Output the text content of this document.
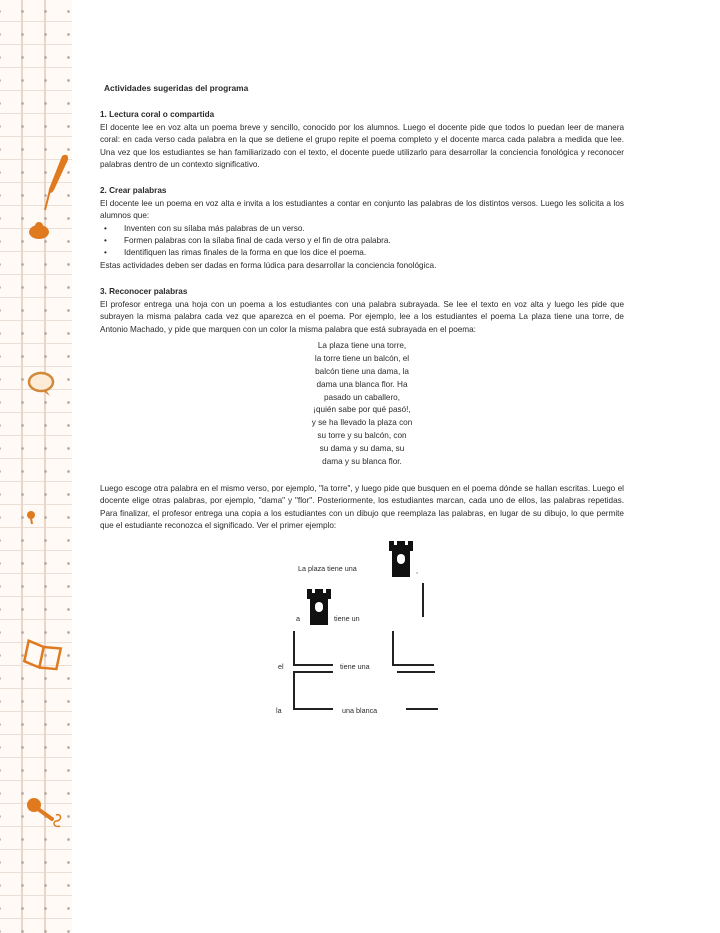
Actividades sugeridas del programa

1. Lectura coral o compartida

El docente lee en voz alta un poema breve y sencillo, conocido por los alumnos. Luego el docente pide que todos lo puedan leer de manera coral: en cada verso cada palabra en la que se detiene el grupo repite el poema completo y el docente marca cada palabra a medida que lee. Una vez que los estudiantes se han familiarizado con el texto, el docente puede utilizarlo para desarrollar la conciencia fonológica y reconocer palabras dentro de un contexto significativo.

2. Crear palabras

El docente lee un poema en voz alta e invita a los estudiantes a contar en conjunto las palabras de los distintos versos. Luego les solicita a los alumnos que:

• Inventen con su sílaba más palabras de un verso.
• Formen palabras con la sílaba final de cada verso y el fin de otra palabra.
• Identifiquen las rimas finales de la forma en que los dice el poema.

Estas actividades deben ser dadas en forma lúdica para desarrollar la conciencia fonológica.

3. Reconocer palabras

El profesor entrega una hoja con un poema a los estudiantes con una palabra subrayada. Se lee el texto en voz alta y luego les pide que subrayen la misma palabra cada vez que aparezca en el poema. Por ejemplo, lee a los estudiantes el poema La plaza tiene una torre, de Antonio Machado, y pide que marquen con un color la misma palabra que está subrayada en el poema:

La plaza tiene una torre,
la torre tiene un balcón, el
balcón tiene una dama, la
dama una blanca flor. Ha
pasado un caballero,
¡quién sabe por qué pasó!,
y se ha llevado la plaza con
su torre y su balcón, con
su dama y su dama, su
dama y su blanca flor.

Luego escoge otra palabra en el mismo verso, por ejemplo, "la torre", y luego pide que busquen en el poema dónde se hallan escritas. Luego el docente elige otras palabras, por ejemplo, "dama" y "flor". Posteriormente, los estudiantes marcan, cada uno de ellos, las palabras repetidas. Para finalizar, el profesor entrega una copia a los estudiantes con un dibujo que reemplaza las palabras, en lugar de su dibujo, lo que permite que el estudiante reconozca el significado. Ver el primer ejemplo:

La plaza tiene una	,
a	tiene un
el	tiene una
la	una blanca
